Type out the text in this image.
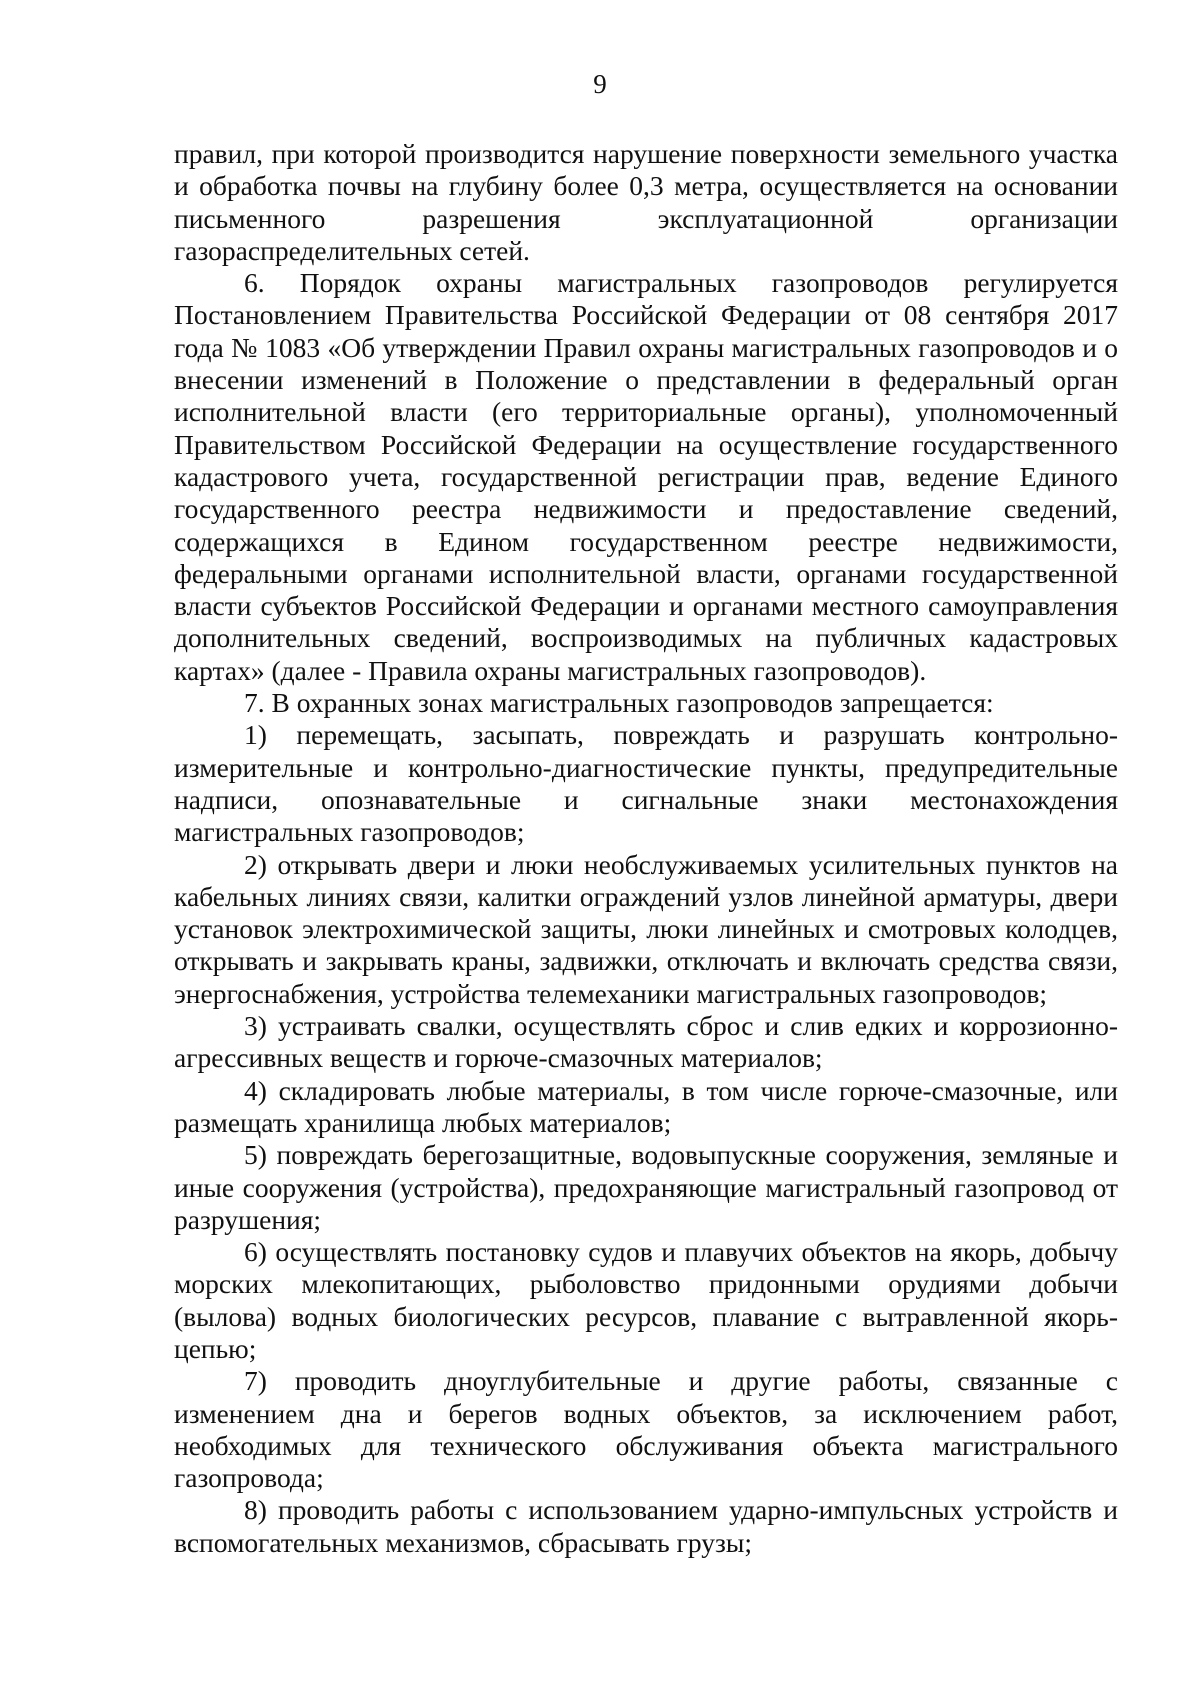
9

правил, при которой производится нарушение поверхности земельного участка и обработка почвы на глубину более 0,3 метра, осуществляется на основании письменного разрешения эксплуатационной организации газораспределительных сетей.

6. Порядок охраны магистральных газопроводов регулируется Постановлением Правительства Российской Федерации от 08 сентября 2017 года № 1083 «Об утверждении Правил охраны магистральных газопроводов и о внесении изменений в Положение о представлении в федеральный орган исполнительной власти (его территориальные органы), уполномоченный Правительством Российской Федерации на осуществление государственного кадастрового учета, государственной регистрации прав, ведение Единого государственного реестра недвижимости и предоставление сведений, содержащихся в Едином государственном реестре недвижимости, федеральными органами исполнительной власти, органами государственной власти субъектов Российской Федерации и органами местного самоуправления дополнительных сведений, воспроизводимых на публичных кадастровых картах» (далее - Правила охраны магистральных газопроводов).

7. В охранных зонах магистральных газопроводов запрещается:

1) перемещать, засыпать, повреждать и разрушать контрольно-измерительные и контрольно-диагностические пункты, предупредительные надписи, опознавательные и сигнальные знаки местонахождения магистральных газопроводов;

2) открывать двери и люки необслуживаемых усилительных пунктов на кабельных линиях связи, калитки ограждений узлов линейной арматуры, двери установок электрохимической защиты, люки линейных и смотровых колодцев, открывать и закрывать краны, задвижки, отключать и включать средства связи, энергоснабжения, устройства телемеханики магистральных газопроводов;

3) устраивать свалки, осуществлять сброс и слив едких и коррозионно-агрессивных веществ и горюче-смазочных материалов;

4) складировать любые материалы, в том числе горюче-смазочные, или размещать хранилища любых материалов;

5) повреждать берегозащитные, водовыпускные сооружения, земляные и иные сооружения (устройства), предохраняющие магистральный газопровод от разрушения;

6) осуществлять постановку судов и плавучих объектов на якорь, добычу морских млекопитающих, рыболовство придонными орудиями добычи (вылова) водных биологических ресурсов, плавание с вытравленной якорь-цепью;

7) проводить дноуглубительные и другие работы, связанные с изменением дна и берегов водных объектов, за исключением работ, необходимых для технического обслуживания объекта магистрального газопровода;

8) проводить работы с использованием ударно-импульсных устройств и вспомогательных механизмов, сбрасывать грузы;
